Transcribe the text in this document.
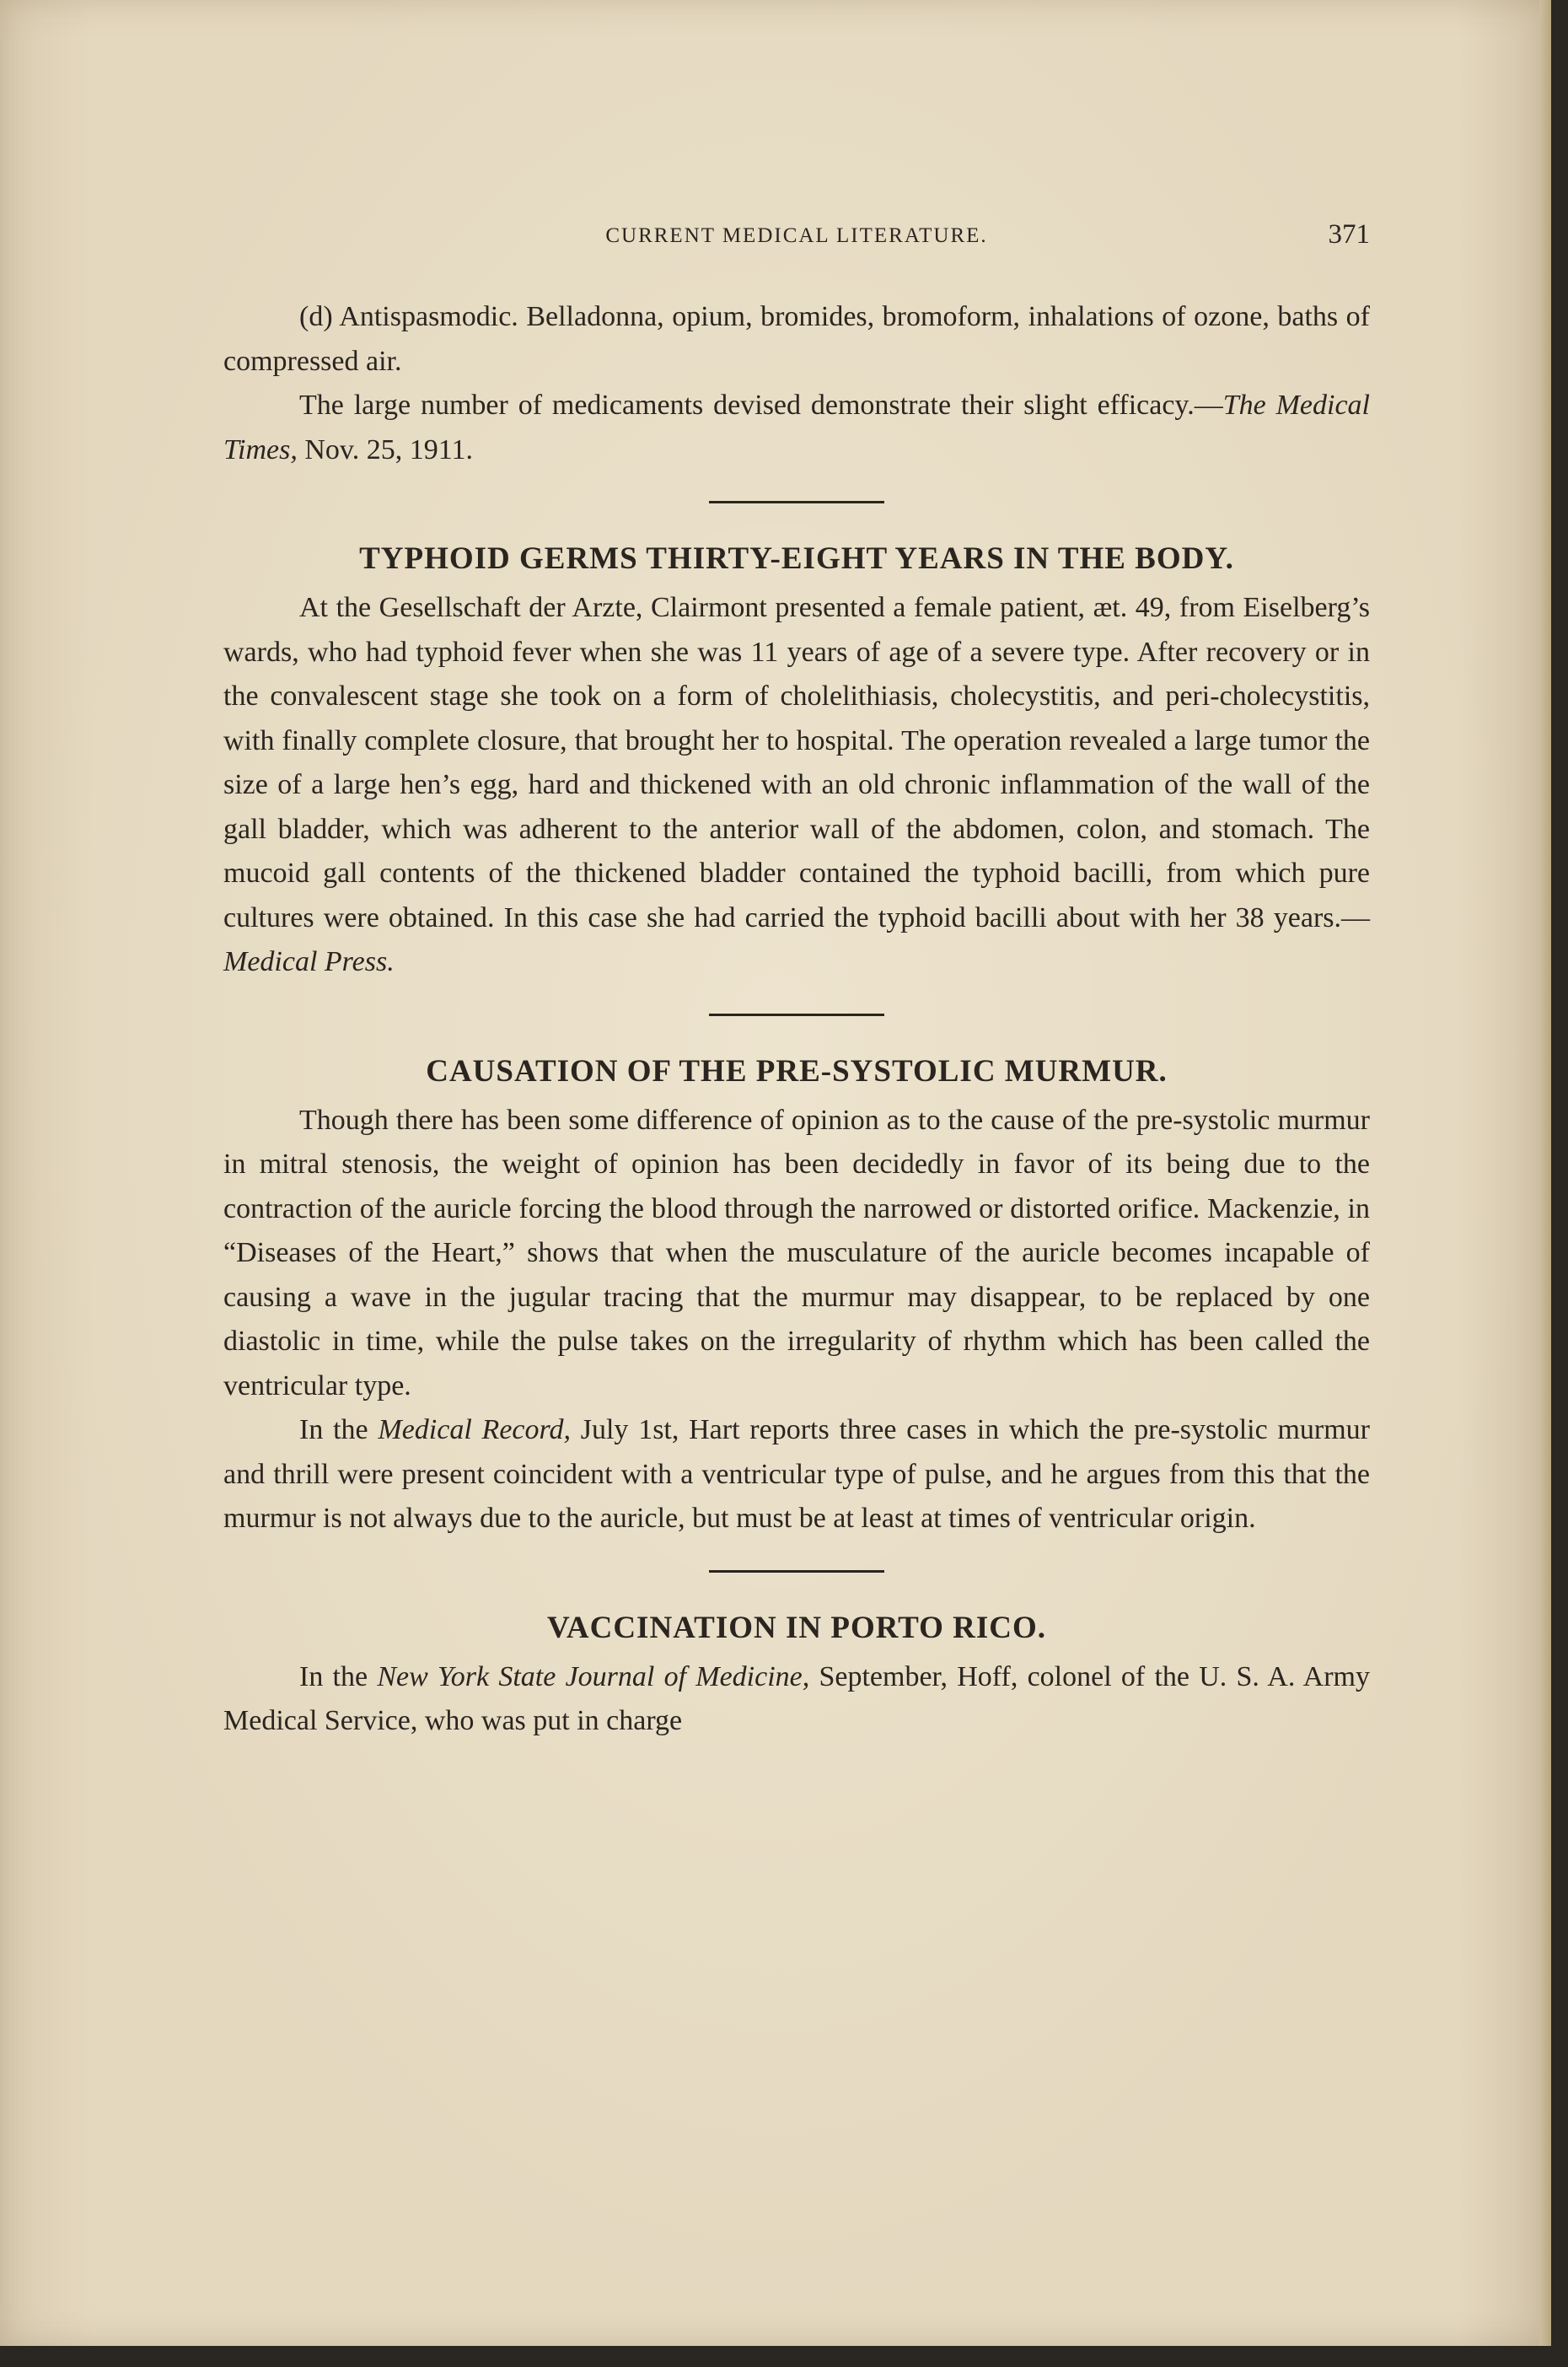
CURRENT MEDICAL LITERATURE.	371

(d) Antispasmodic. Belladonna, opium, bromides, bromoform, inhalations of ozone, baths of compressed air.

The large number of medicaments devised demonstrate their slight efficacy.—The Medical Times, Nov. 25, 1911.

TYPHOID GERMS THIRTY-EIGHT YEARS IN THE BODY.

At the Gesellschaft der Arzte, Clairmont presented a female patient, æt. 49, from Eiselberg’s wards, who had typhoid fever when she was 11 years of age of a severe type. After recovery or in the convalescent stage she took on a form of cholelithiasis, cholecystitis, and peri-cholecystitis, with finally complete closure, that brought her to hospital. The operation revealed a large tumor the size of a large hen’s egg, hard and thickened with an old chronic inflammation of the wall of the gall bladder, which was adherent to the anterior wall of the abdomen, colon, and stomach. The mucoid gall contents of the thickened bladder contained the typhoid bacilli, from which pure cultures were obtained. In this case she had carried the typhoid bacilli about with her 38 years.—Medical Press.

CAUSATION OF THE PRE-SYSTOLIC MURMUR.

Though there has been some difference of opinion as to the cause of the pre-systolic murmur in mitral stenosis, the weight of opinion has been decidedly in favor of its being due to the contraction of the auricle forcing the blood through the narrowed or distorted orifice. Mackenzie, in “Diseases of the Heart,” shows that when the musculature of the auricle becomes incapable of causing a wave in the jugular tracing that the murmur may disappear, to be replaced by one diastolic in time, while the pulse takes on the irregularity of rhythm which has been called the ventricular type.

In the Medical Record, July 1st, Hart reports three cases in which the pre-systolic murmur and thrill were present coincident with a ventricular type of pulse, and he argues from this that the murmur is not always due to the auricle, but must be at least at times of ventricular origin.

VACCINATION IN PORTO RICO.

In the New York State Journal of Medicine, September, Hoff, colonel of the U. S. A. Army Medical Service, who was put in charge
